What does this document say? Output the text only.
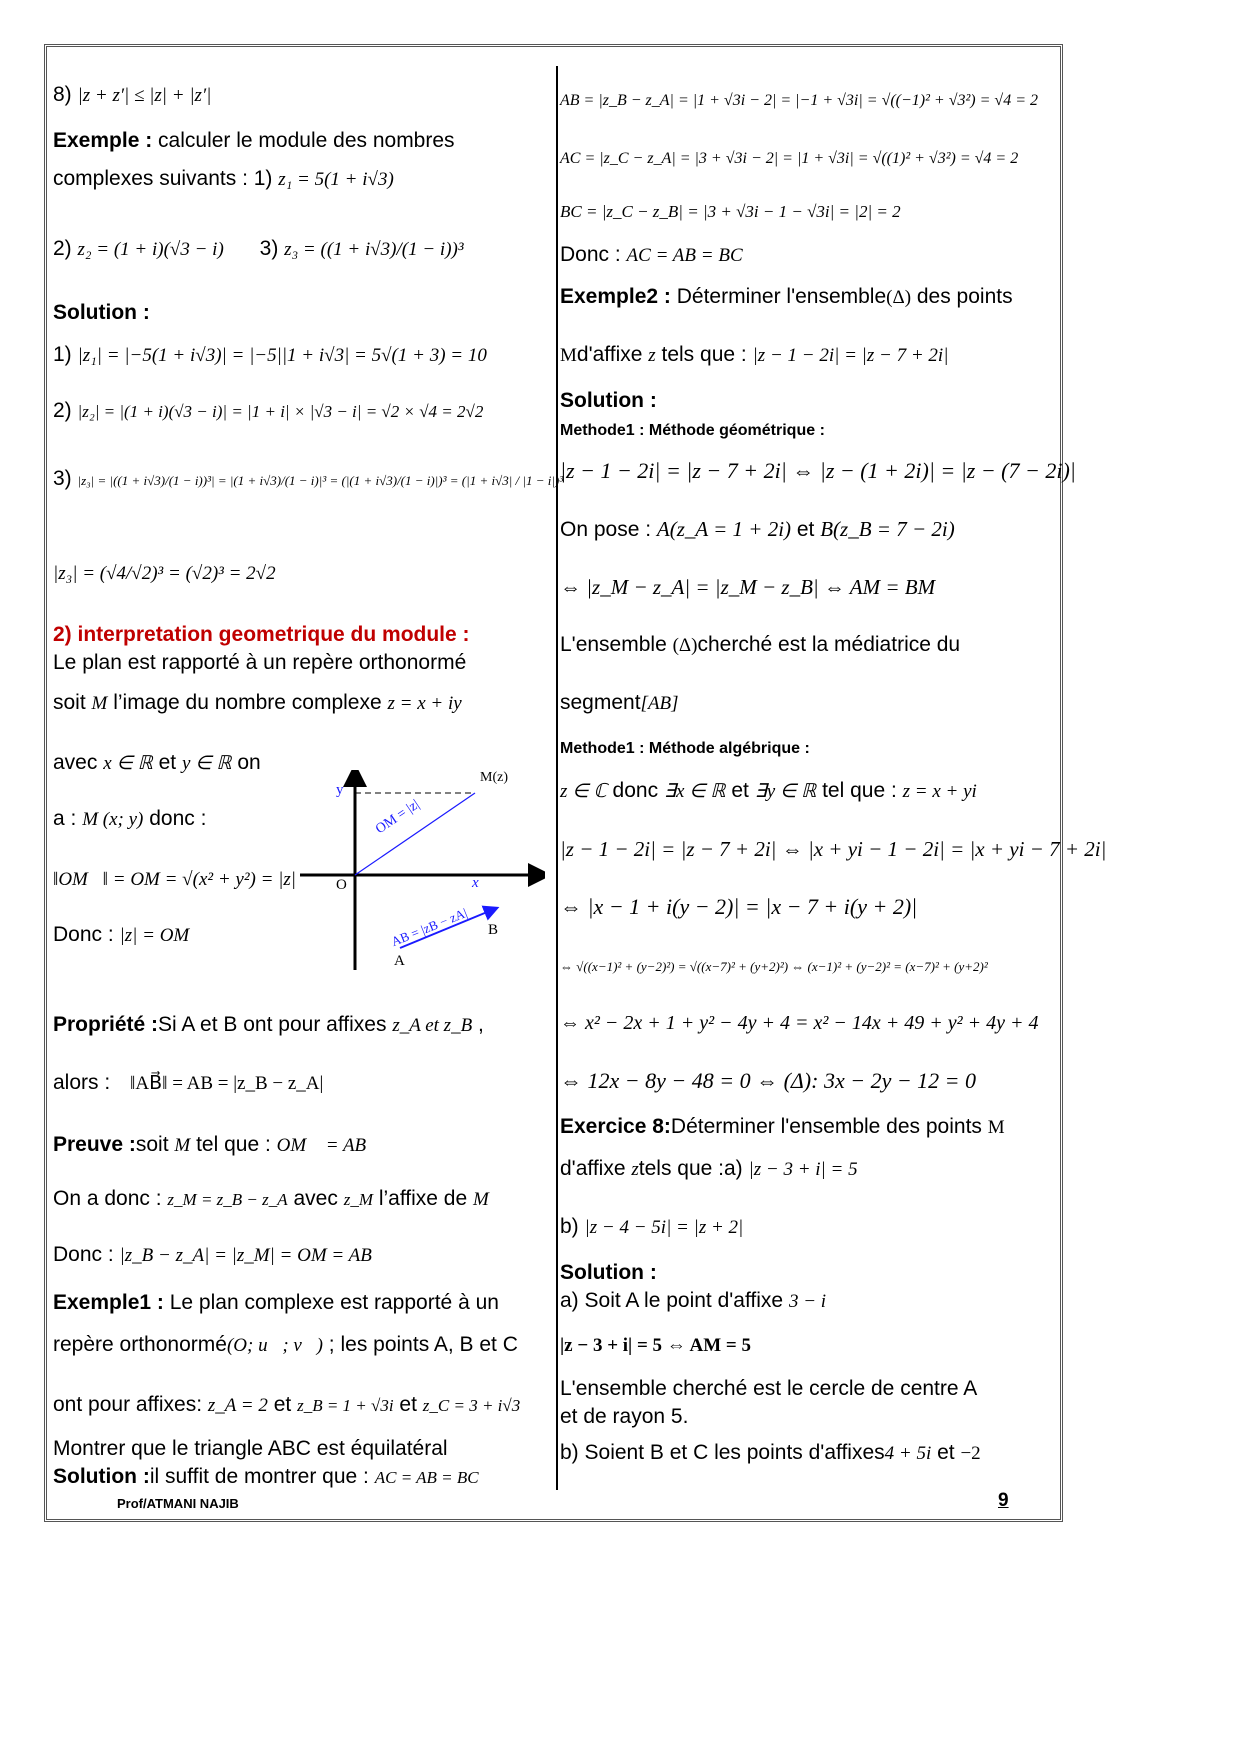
8) |z + z′| ≤ |z| + |z′|
Exemple : calculer le module des nombres
complexes suivants : 1) z₁ = 5(1 + i√3)
2) z₂ = (1 + i)(√3 − i) 3) z₃ = ((1 + i√3)/(1 − i))³
Solution :
1) |z₁| = |−5(1 + i√3)| = |−5||1 + i√3| = 5√(1 + 3) = 10
2) |z₂| = |(1 + i)(√3 − i)| = |1 + i| × |√3 − i| = √2 × √4 = 2√2
3) |z₃| = |((1 + i√3)/(1 − i))³| = |(1 + i√3)/(1 − i)|³ = (|(1 + i√3)/(1 − i)|)³ = (|1 + i√3| / |1 − i|)³
|z₃| = (√4/√2)³ = (√2)³ = 2√2
2) interpretation geometrique du module :
Le plan est rapporté à un repère orthonormé
soit M l’image du nombre complexe z = x + iy
avec x ∈ ℝ et y ∈ ℝ on
a : M (x; y) donc :
‖OM⃗‖ = OM = √(x² + y²) = |z|
Donc : |z| = OM
Propriété :Si A et B ont pour affixes z_A et z_B ,
alors : ‖AB⃗‖ = AB = |z_B − z_A|
Preuve :soit M tel que : OM⃗ = AB⃗
On a donc : z_M = z_B − z_A avec z_M l’affixe de M
Donc : |z_B − z_A| = |z_M| = OM = AB
Exemple1 : Le plan complexe est rapporté à un
repère orthonormé(O; u⃗; v⃗) ; les points A, B et C
ont pour affixes: z_A = 2 et z_B = 1 + √3i et z_C = 3 + i√3
Montrer que le triangle ABC est équilatéral
Solution :il suffit de montrer que : AC = AB = BC
y
O	x
M(z)
OM = |z|
AB = |zB − zA|
A
B
AB = |z_B − z_A| = |1 + √3i − 2| = |−1 + √3i| = √((−1)² + √3²) = √4 = 2
AC = |z_C − z_A| = |3 + √3i − 2| = |1 + √3i| = √((1)² + √3²) = √4 = 2
BC = |z_C − z_B| = |3 + √3i − 1 − √3i| = |2| = 2
Donc : AC = AB = BC
Exemple2 : Déterminer l'ensemble(Δ) des points
Md'affixe z tels que : |z − 1 − 2i| = |z − 7 + 2i|
Solution :
Methode1 : Méthode géométrique :
|z − 1 − 2i| = |z − 7 + 2i| ⇔ |z − (1 + 2i)| = |z − (7 − 2i)|
On pose : A(z_A = 1 + 2i) et B(z_B = 7 − 2i)
⇔ |z_M − z_A| = |z_M − z_B| ⇔ AM = BM
L'ensemble (Δ)cherché est la médiatrice du
segment[AB]
Methode1 : Méthode algébrique :
z ∈ ℂ donc ∃x ∈ ℝ et ∃y ∈ ℝ tel que : z = x + yi
|z − 1 − 2i| = |z − 7 + 2i| ⇔ |x + yi − 1 − 2i| = |x + yi − 7 + 2i|
⇔ |x − 1 + i(y − 2)| = |x − 7 + i(y + 2)|
⇔ √((x−1)² + (y−2)²) = √((x−7)² + (y+2)²) ⇔ (x−1)² + (y−2)² = (x−7)² + (y+2)²
⇔ x² − 2x + 1 + y² − 4y + 4 = x² − 14x + 49 + y² + 4y + 4
⇔ 12x − 8y − 48 = 0 ⇔ (Δ): 3x − 2y − 12 = 0
Exercice 8:Déterminer l'ensemble des points M
d'affixe ztels que :a) |z − 3 + i| = 5
b) |z − 4 − 5i| = |z + 2|
Solution :
a) Soit A le point d'affixe 3 − i
|z − 3 + i| = 5 ⇔ AM = 5
L'ensemble cherché est le cercle de centre A
et de rayon 5.
b) Soient B et C les points d'affixes4 + 5i et −2
Prof/ATMANI NAJIB	9
